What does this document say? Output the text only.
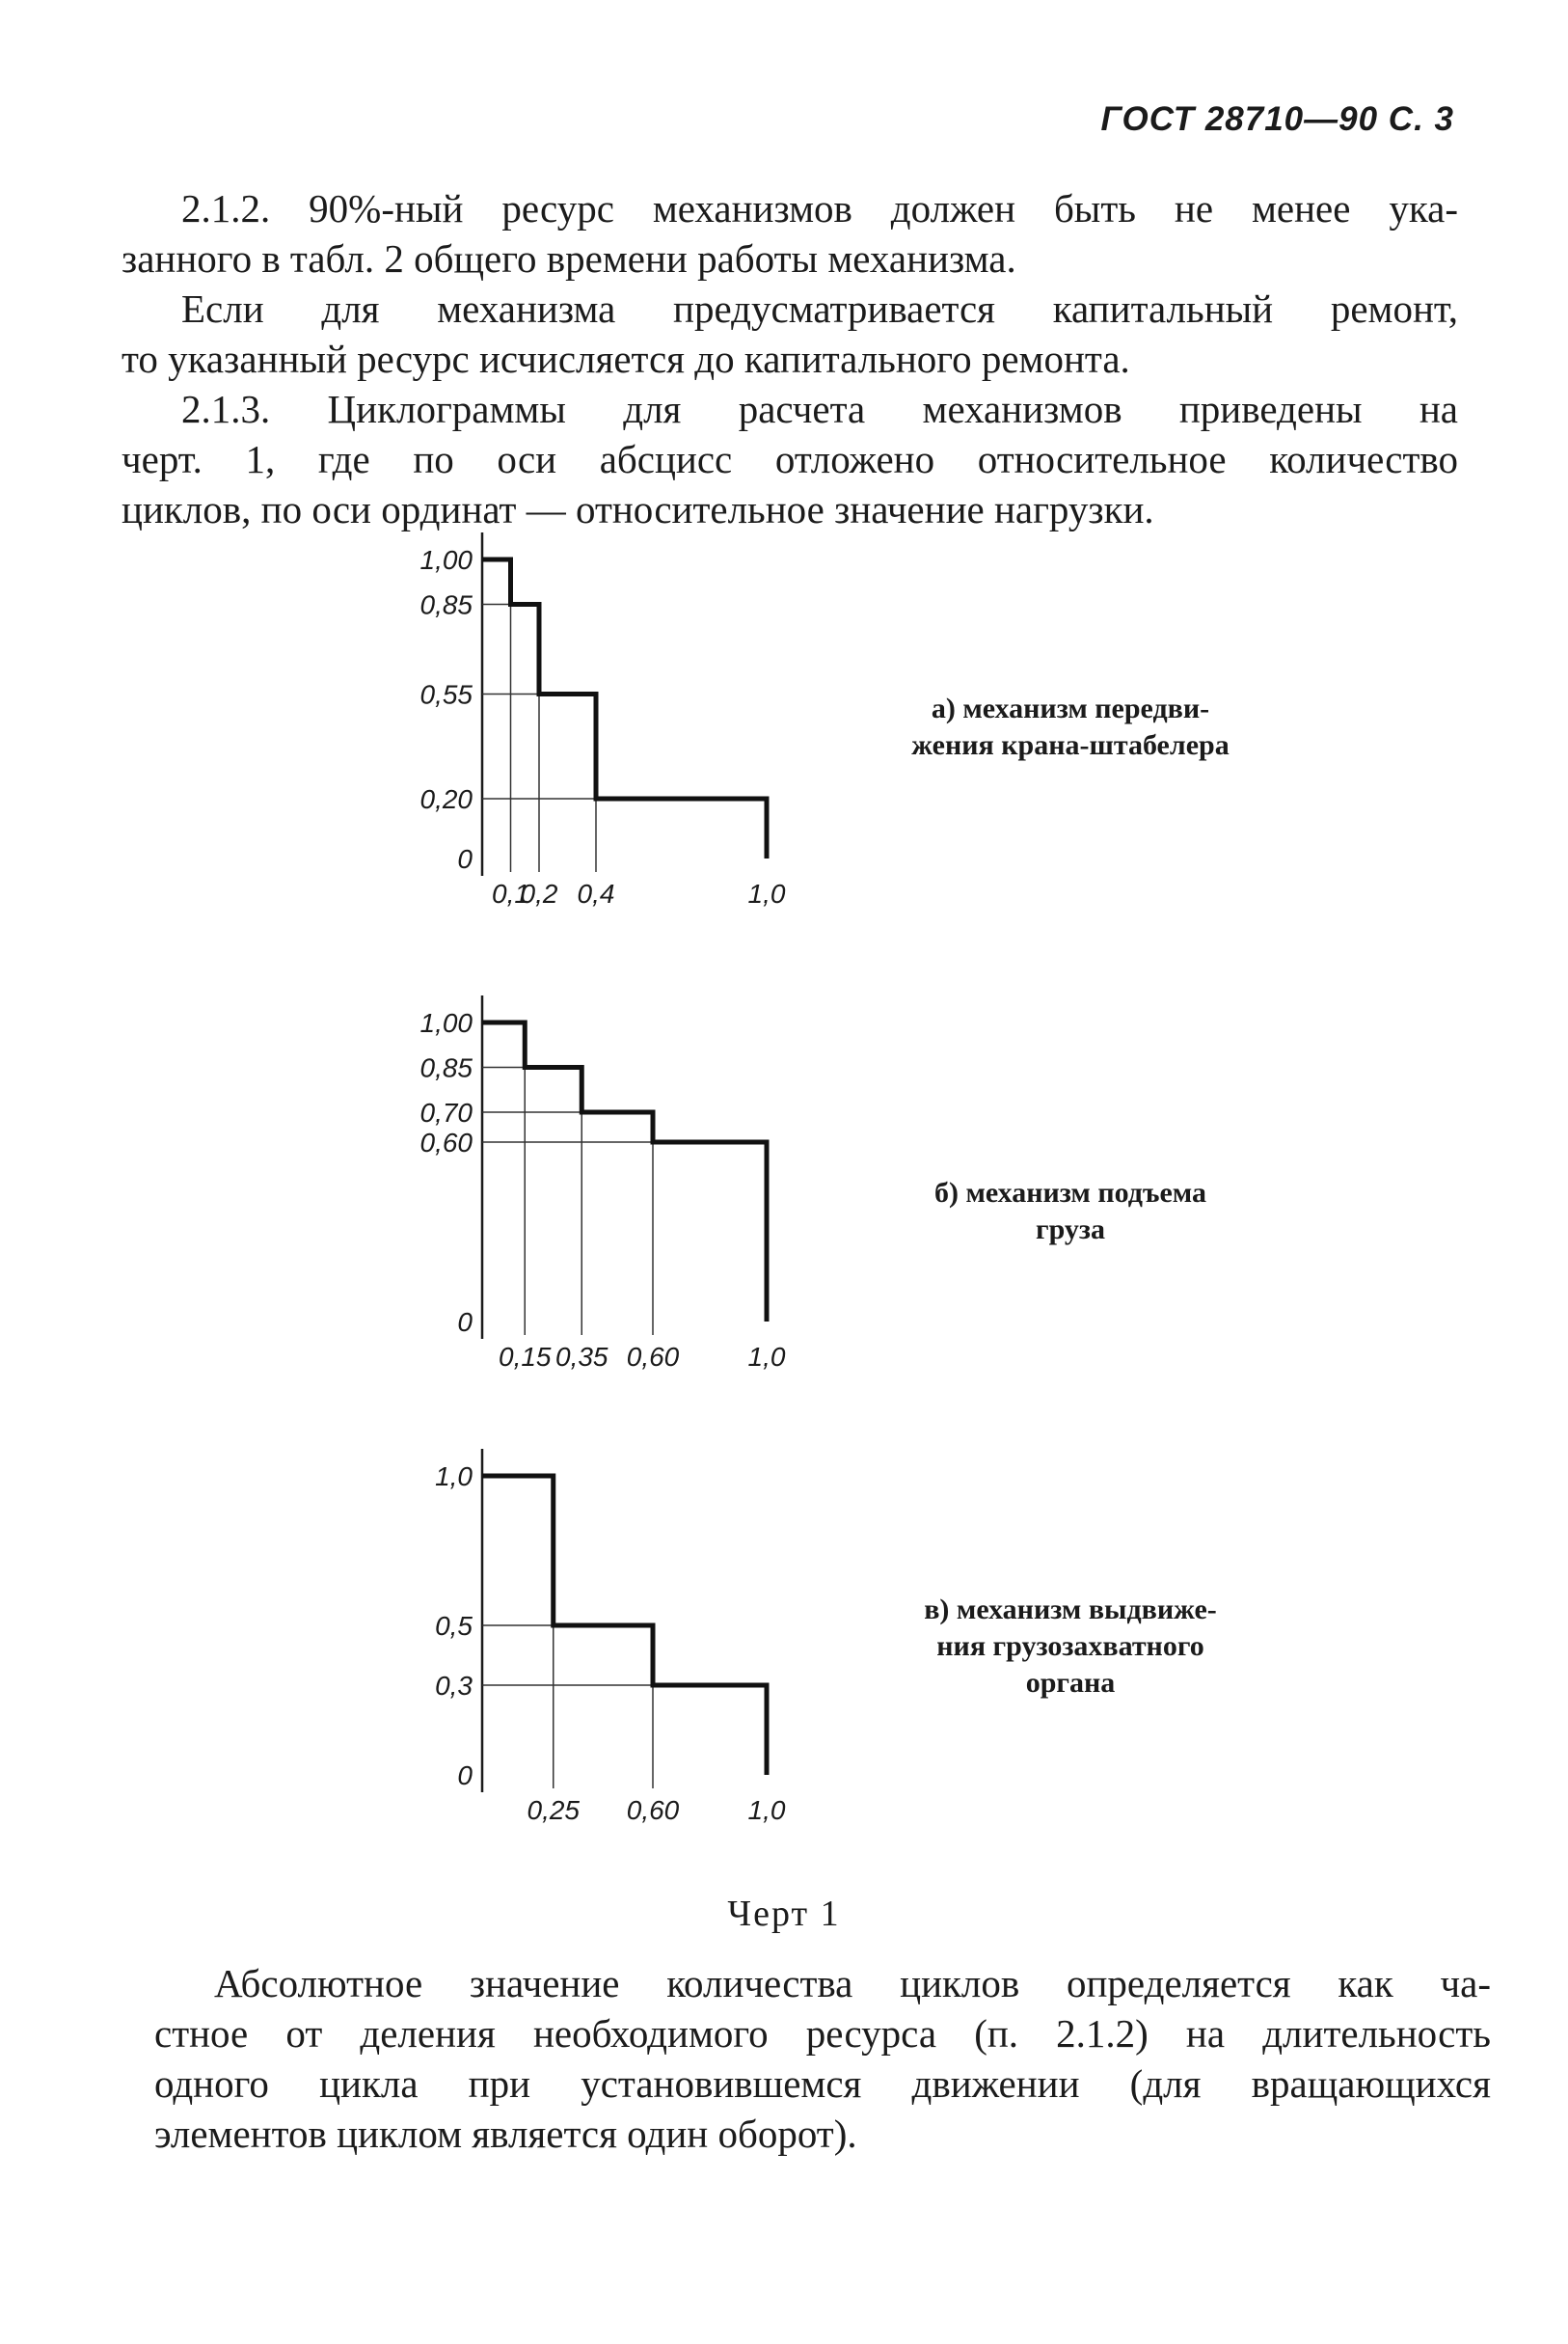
ГОСТ 28710—90 С. 3

2.1.2. 90%-ный ресурс механизмов должен быть не менее ука-

занного в табл. 2 общего времени работы механизма.

Если для механизма предусматривается капитальный ремонт,

то указанный ресурс исчисляется до капитального ремонта.

2.1.3. Циклограммы для расчета механизмов приведены на

черт. 1, где по оси абсцисс отложено относительное количество

циклов, по оси ординат — относительное значение нагрузки.

1,00
0,85
0,55
0,20
0
0,1
0,2 0,4	1,0
а) механизм передви-
жения крана-штабелера
1,00
0,85
0,70
0,60
0
0,15 0,35 0,60	1,0
б) механизм подъема
груза
1,0
0,5
0,3
0
0,25 0,60	1,0
в) механизм выдвиже-
ния грузозахватного
органа
Черт 1

Абсолютное значение количества циклов определяется как ча-

стное от деления необходимого ресурса (п. 2.1.2) на длительность

одного цикла при установившемся движении (для вращающихся

элементов циклом является один оборот).
